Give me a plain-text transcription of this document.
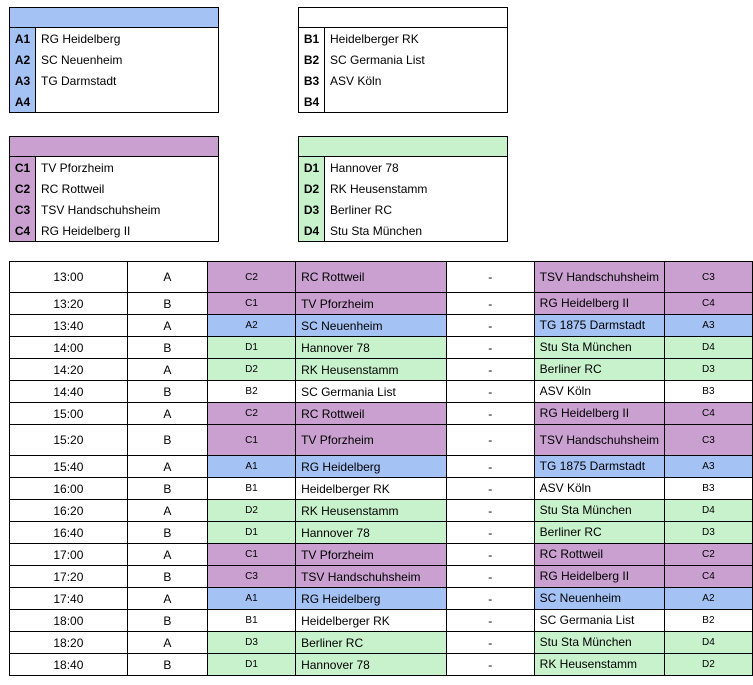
A1 RG Heidelberg
A2 SC Neuenheim
A3 TG Darmstadt
A4
B1 Heidelberger RK
B2 SC Germania List
B3 ASV Köln
B4
C1 TV Pforzheim
C2 RC Rottweil
C3 TSV Handschuhsheim
C4 RG Heidelberg II
D1 Hannover 78
D2 RK Heusenstamm
D3 Berliner RC
D4 Stu Sta München
13:00	A	C2	RC Rottweil	-	TSV Handschuhsheim	C3
13:20	B	C1	TV Pforzheim	-	RG Heidelberg II	C4
13:40	A	A2	SC Neuenheim	-	TG 1875 Darmstadt	A3
14:00	B	D1	Hannover 78	-	Stu Sta München	D4
14:20	A	D2	RK Heusenstamm	-	Berliner RC	D3
14:40	B	B2	SC Germania List	-	ASV Köln	B3
15:00	A	C2	RC Rottweil	-	RG Heidelberg II	C4
15:20	B	C1	TV Pforzheim	-	TSV Handschuhsheim	C3
15:40	A	A1	RG Heidelberg	-	TG 1875 Darmstadt	A3
16:00	B	B1	Heidelberger RK	-	ASV Köln	B3
16:20	A	D2	RK Heusenstamm	-	Stu Sta München	D4
16:40	B	D1	Hannover 78	-	Berliner RC	D3
17:00	A	C1	TV Pforzheim	-	RC Rottweil	C2
17:20	B	C3	TSV Handschuhsheim	-	RG Heidelberg II	C4
17:40	A	A1	RG Heidelberg	-	SC Neuenheim	A2
18:00	B	B1	Heidelberger RK	-	SC Germania List	B2
18:20	A	D3	Berliner RC	-	Stu Sta München	D4
18:40	B	D1	Hannover 78	-	RK Heusenstamm	D2
